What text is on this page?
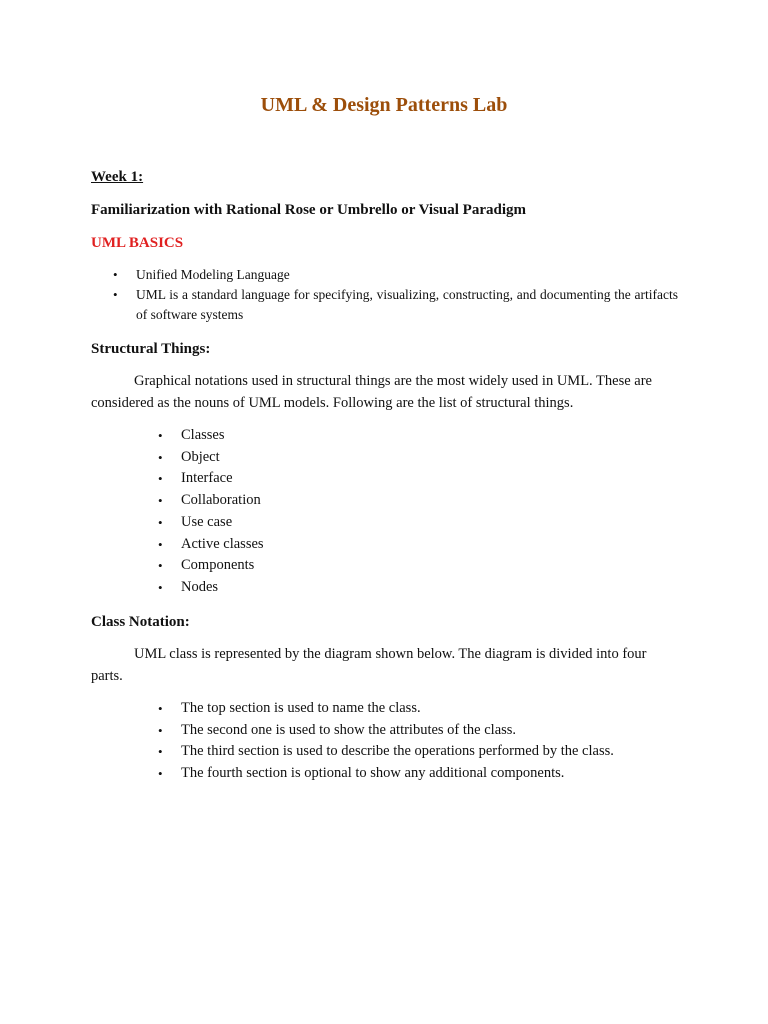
UML & Design Patterns Lab

Week 1:

Familiarization with Rational Rose or Umbrello or Visual Paradigm

UML BASICS

• Unified Modeling Language
• UML is a standard language for specifying, visualizing, constructing, and documenting the artifacts of software systems

Structural Things:

Graphical notations used in structural things are the most widely used in UML. These are considered as the nouns of UML models. Following are the list of structural things.

• Classes
• Object
• Interface
• Collaboration
• Use case
• Active classes
• Components
• Nodes

Class Notation:

UML class is represented by the diagram shown below. The diagram is divided into four parts.

• The top section is used to name the class.
• The second one is used to show the attributes of the class.
• The third section is used to describe the operations performed by the class.
• The fourth section is optional to show any additional components.
